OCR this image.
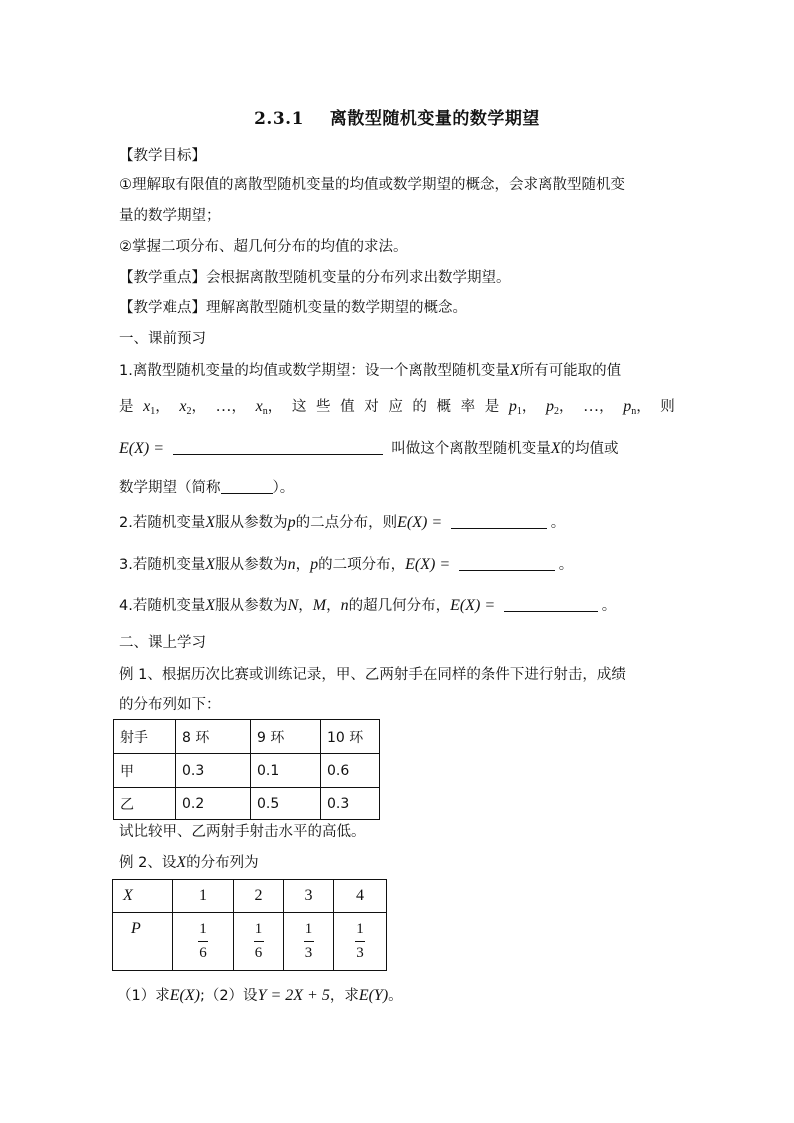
2.3.1 离散型随机变量的数学期望
【教学目标】
①理解取有限值的离散型随机变量的均值或数学期望的概念，会求离散型随机变
量的数学期望；
②掌握二项分布、超几何分布的均值的求法。
【教学重点】会根据离散型随机变量的分布列求出数学期望。
【教学难点】理解离散型随机变量的数学期望的概念。
一、课前预习
1.离散型随机变量的均值或数学期望：设一个离散型随机变量X所有可能取的值
是 $x_1$， $x_2$， …， $x_n$， 这 些 值 对 应 的 概 率 是 $p_1$， $p_2$， …， $p_n$， 则
E(X) =	叫做这个离散型随机变量X的均值或
数学期望（简称	）。
2.若随机变量X服从参数为p的二点分布，则E(X) =	。
3.若随机变量X服从参数为n，p的二项分布，E(X) =	。
4.若随机变量X服从参数为N，M，n的超几何分布，E(X) =	。
二、课上学习
例 1、根据历次比赛或训练记录，甲、乙两射手在同样的条件下进行射击，成绩
的分布列如下：
射手	8 环	9 环	10 环
甲	0.3	0.1	0.6
乙	0.2	0.5	0.3
试比较甲、乙两射手射击水平的高低。
例 2、设X的分布列为
X	1	2	3	4
P	$\frac{1}{6}$	$\frac{1}{6}$	$\frac{1}{3}$	$\frac{1}{3}$
（1）求E(X);（2）设Y = 2X + 5，求E(Y)。
